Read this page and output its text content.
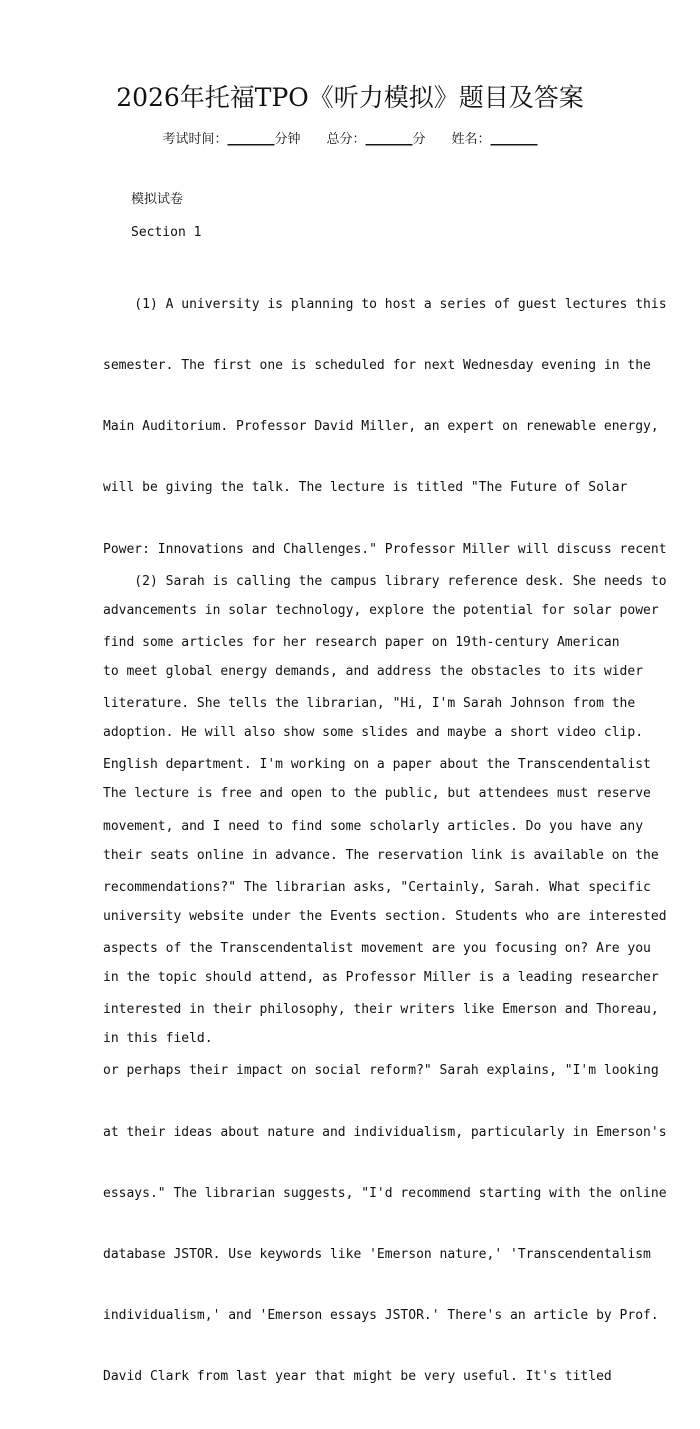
2026年托福TPO《听力模拟》题目及答案
考试时间：______分钟 总分：______分 姓名：______
模拟试卷
Section 1

(1) A university is planning to host a series of guest lectures this

semester. The first one is scheduled for next Wednesday evening in the

Main Auditorium. Professor David Miller, an expert on renewable energy,

will be giving the talk. The lecture is titled "The Future of Solar

Power: Innovations and Challenges." Professor Miller will discuss recent

advancements in solar technology, explore the potential for solar power

to meet global energy demands, and address the obstacles to its wider

adoption. He will also show some slides and maybe a short video clip.

The lecture is free and open to the public, but attendees must reserve

their seats online in advance. The reservation link is available on the

university website under the Events section. Students who are interested

in the topic should attend, as Professor Miller is a leading researcher

in this field.

(2) Sarah is calling the campus library reference desk. She needs to

find some articles for her research paper on 19th-century American

literature. She tells the librarian, "Hi, I'm Sarah Johnson from the

English department. I'm working on a paper about the Transcendentalist

movement, and I need to find some scholarly articles. Do you have any

recommendations?" The librarian asks, "Certainly, Sarah. What specific

aspects of the Transcendentalist movement are you focusing on? Are you

interested in their philosophy, their writers like Emerson and Thoreau,

or perhaps their impact on social reform?" Sarah explains, "I'm looking

at their ideas about nature and individualism, particularly in Emerson's

essays." The librarian suggests, "I'd recommend starting with the online

database JSTOR. Use keywords like 'Emerson nature,' 'Transcendentalism

individualism,' and 'Emerson essays JSTOR.' There's an article by Prof.

David Clark from last year that might be very useful. It's titled
